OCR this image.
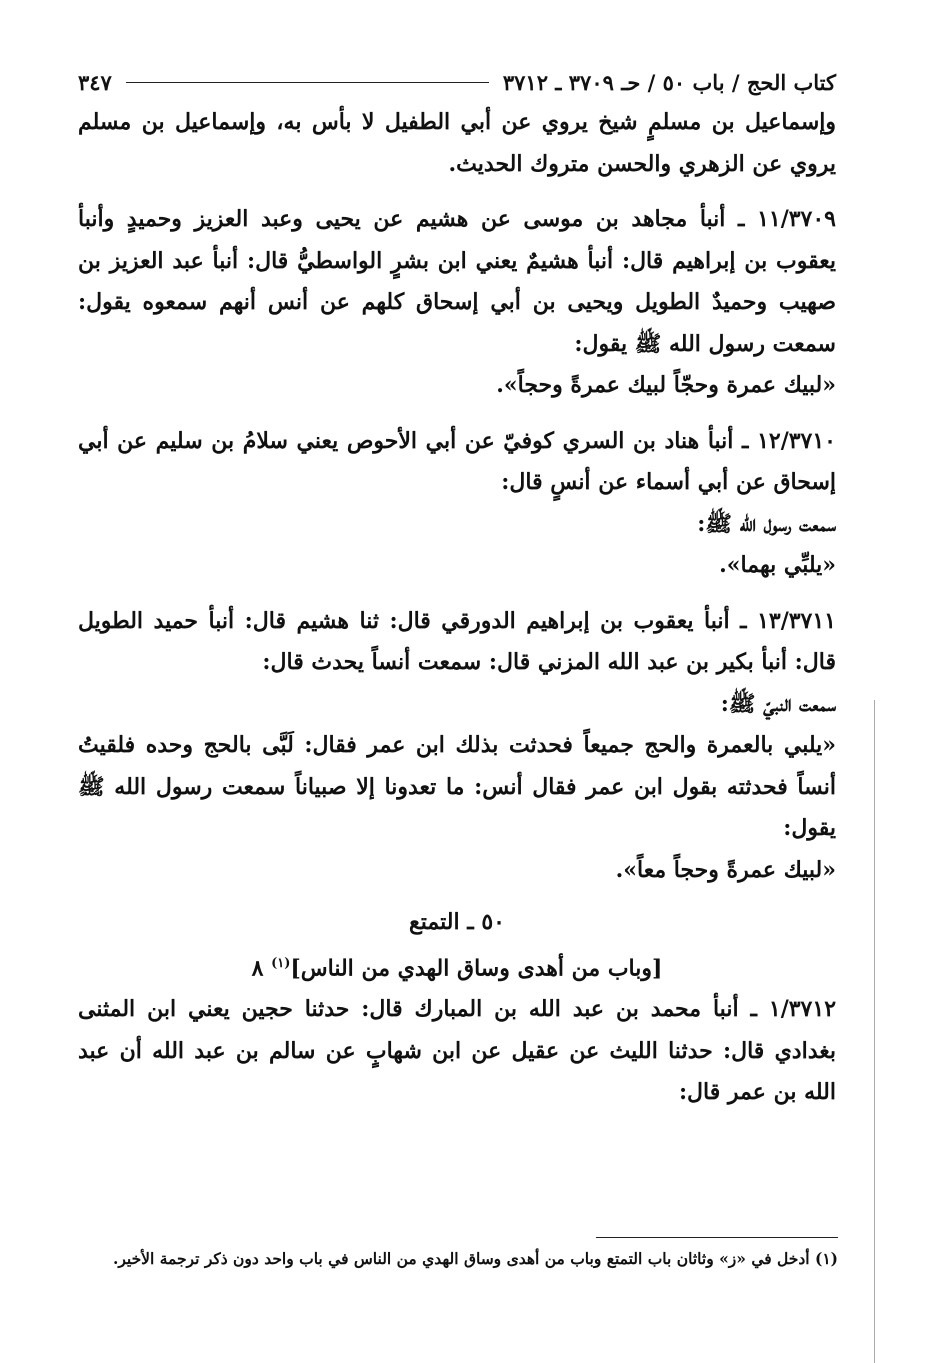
كتاب الحج / باب ٥٠ / حـ ٣٧٠٩ ـ ٣٧١٢
٣٤٧
وإسماعيل بن مسلمٍ شيخ يروي عن أبي الطفيل لا بأس به، وإسماعيل بن مسلم يروي عن الزهري والحسن متروك الحديث.
١١/٣٧٠٩ ـ أنبأ مجاهد بن موسى عن هشيم عن يحيى وعبد العزيز وحميدٍ وأنبأ يعقوب بن إبراهيم قال: أنبأ هشيمٌ يعني ابن بشرٍ الواسطيُّ قال: أنبأ عبد العزيز بن صهيب وحميدٌ الطويل ويحيى بن أبي إسحاق كلهم عن أنس أنهم سمعوه يقول: سمعت رسول الله ﷺ يقول:
«لبيك عمرة وحجّاً لبيك عمرةً وحجاً».
١٢/٣٧١٠ ـ أنبأ هناد بن السري كوفيّ عن أبي الأحوص يعني سلامُ بن سليم عن أبي إسحاق عن أبي أسماء عن أنسٍ قال:
سمعت رسول الله ﷺ:
«يلبِّي بهما».
١٣/٣٧١١ ـ أنبأ يعقوب بن إبراهيم الدورقي قال: ثنا هشيم قال: أنبأ حميد الطويل قال: أنبأ بكير بن عبد الله المزني قال: سمعت أنساً يحدث قال:
سمعت النبيّ ﷺ:
«يلبي بالعمرة والحج جميعاً فحدثت بذلك ابن عمر فقال: لَبَّى بالحج وحده فلقيتُ أنساً فحدثته بقول ابن عمر فقال أنس: ما تعدونا إلا صبياناً سمعت رسول الله ﷺ يقول:
«لبيك عمرةً وحجاً معاً».
٥٠ ـ التمتع
[وباب من أهدى وساق الهدي من الناس]$^{(١)}$ ٨
١/٣٧١٢ ـ أنبأ محمد بن عبد الله بن المبارك قال: حدثنا حجين يعني ابن المثنى بغدادي قال: حدثنا الليث عن عقيل عن ابن شهابٍ عن سالم بن عبد الله أن عبد الله بن عمر قال:
(١) أدخل في «ز» وثاثان باب التمتع وباب من أهدى وساق الهدي من الناس في باب واحد دون ذكر ترجمة الأخير.
